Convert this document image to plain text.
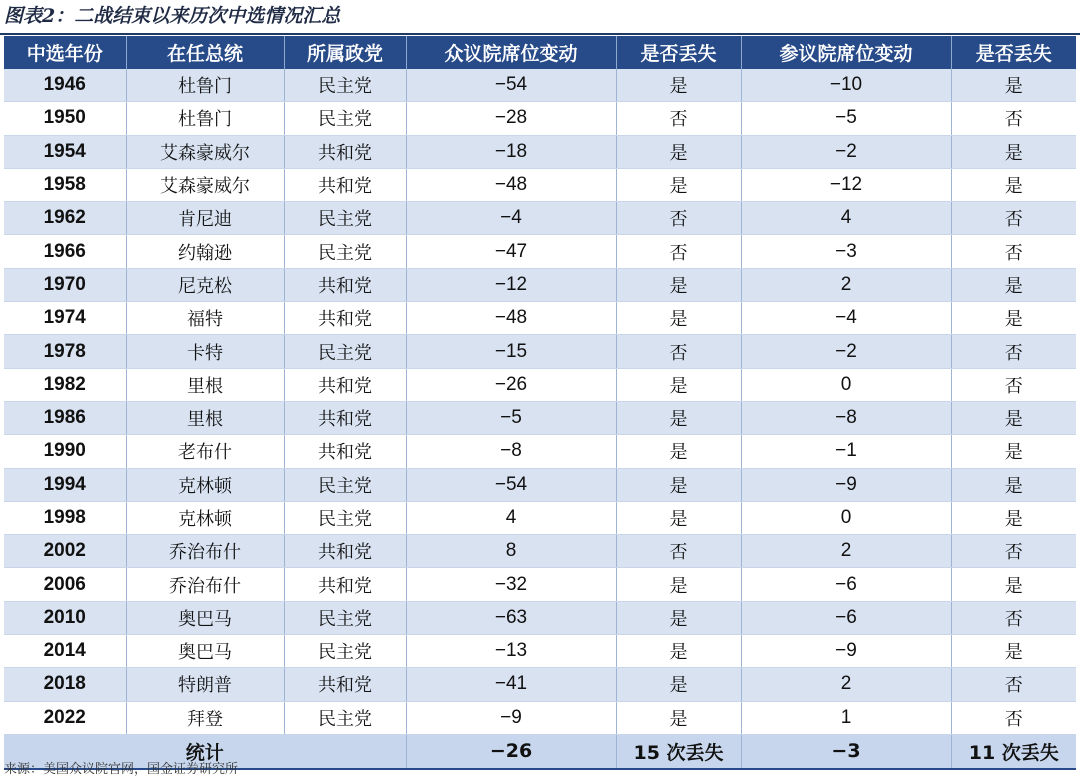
图表2：二战结束以来历次中选情况汇总
中选年份	在任总统	所属政党	众议院席位变动	是否丢失	参议院席位变动	是否丢失
1946	杜鲁门	民主党	−54	是	−10	是
1950	杜鲁门	民主党	−28	否	−5	否
1954	艾森豪威尔	共和党	−18	是	−2	是
1958	艾森豪威尔	共和党	−48	是	−12	是
1962	肯尼迪	民主党	−4	否	4	否
1966	约翰逊	民主党	−47	否	−3	否
1970	尼克松	共和党	−12	是	2	是
1974	福特	共和党	−48	是	−4	是
1978	卡特	民主党	−15	否	−2	否
1982	里根	共和党	−26	是	0	否
1986	里根	共和党	−5	是	−8	是
1990	老布什	共和党	−8	是	−1	是
1994	克林顿	民主党	−54	是	−9	是
1998	克林顿	民主党	4	是	0	是
2002	乔治布什	共和党	8	否	2	否
2006	乔治布什	共和党	−32	是	−6	是
2010	奥巴马	民主党	−63	是	−6	否
2014	奥巴马	民主党	−13	是	−9	是
2018	特朗普	共和党	−41	是	2	否
2022	拜登	民主党	−9	是	1	否
统计			−26	15 次丢失	−3	11 次丢失
来源：美国众议院官网，国金证券研究所
